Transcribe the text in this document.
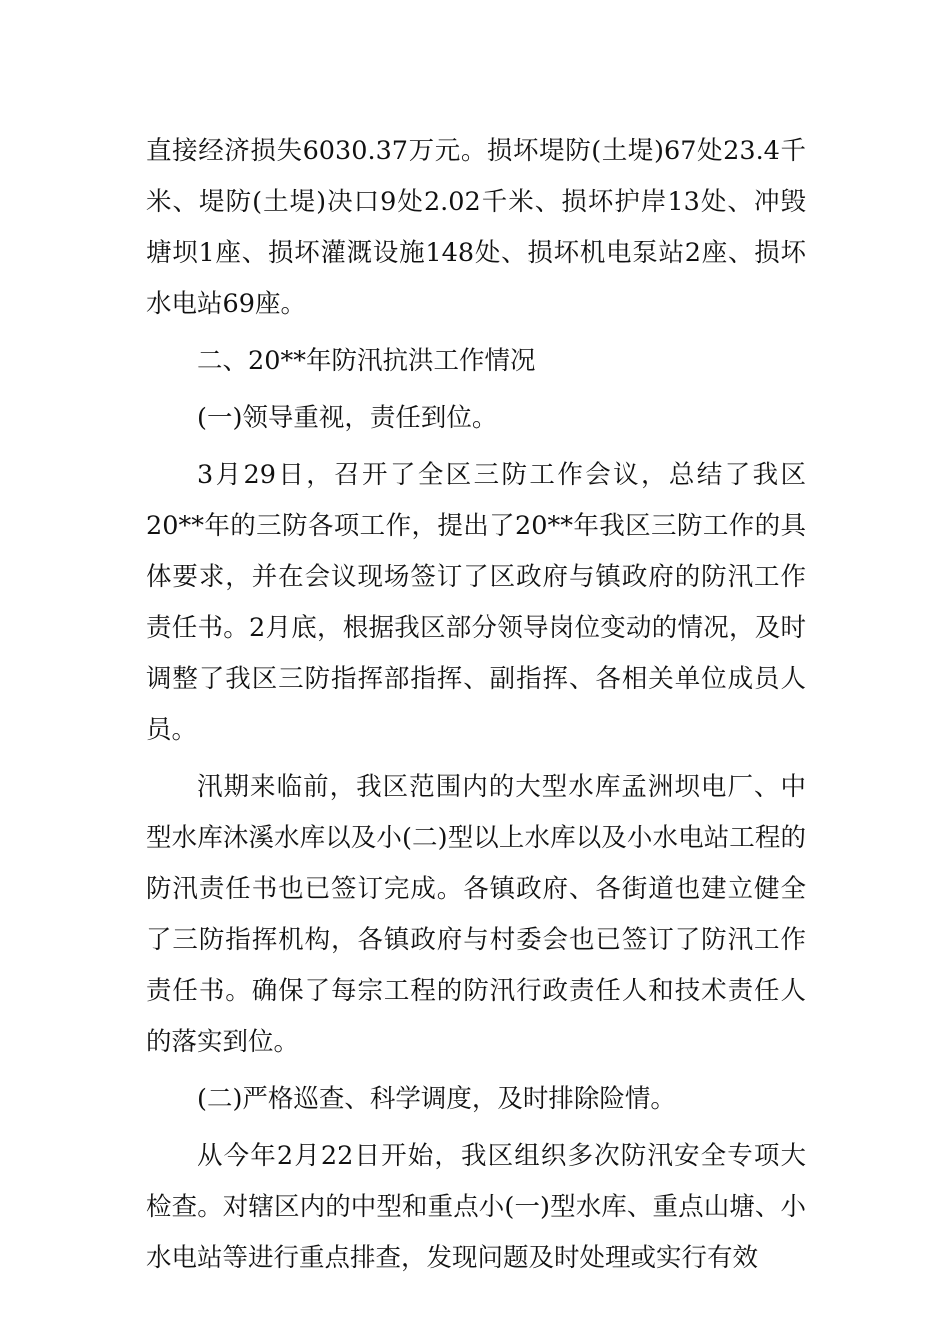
直接经济损失6030.37万元。损坏堤防(土堤)67处23.4千米、堤防(土堤)决口9处2.02千米、损坏护岸13处、冲毁塘坝1座、损坏灌溉设施148处、损坏机电泵站2座、损坏水电站69座。

二、20**年防汛抗洪工作情况

(一)领导重视，责任到位。

3月29日，召开了全区三防工作会议，总结了我区20**年的三防各项工作，提出了20**年我区三防工作的具体要求，并在会议现场签订了区政府与镇政府的防汛工作责任书。2月底，根据我区部分领导岗位变动的情况，及时调整了我区三防指挥部指挥、副指挥、各相关单位成员人员。

汛期来临前，我区范围内的大型水库孟洲坝电厂、中型水库沐溪水库以及小(二)型以上水库以及小水电站工程的防汛责任书也已签订完成。各镇政府、各街道也建立健全了三防指挥机构，各镇政府与村委会也已签订了防汛工作责任书。确保了每宗工程的防汛行政责任人和技术责任人的落实到位。

(二)严格巡查、科学调度，及时排除险情。

从今年2月22日开始，我区组织多次防汛安全专项大检查。对辖区内的中型和重点小(一)型水库、重点山塘、小水电站等进行重点排查，发现问题及时处理或实行有效
